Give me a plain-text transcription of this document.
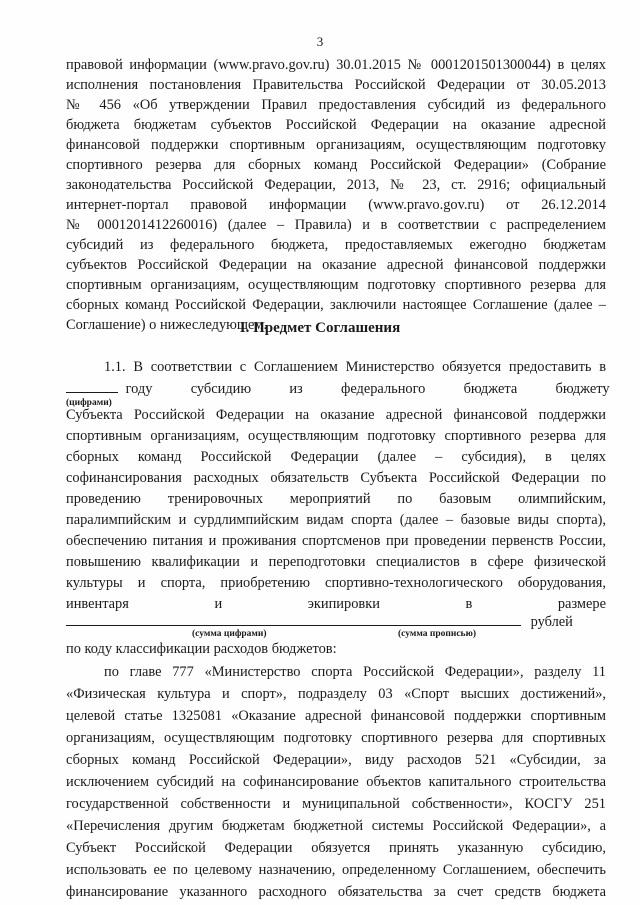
3
правовой информации (www.pravo.gov.ru) 30.01.2015 № 0001201501300044) в целях
исполнения постановления Правительства Российской Федерации от 30.05.2013
№ 456 «Об утверждении Правил предоставления субсидий из федерального
бюджета бюджетам субъектов Российской Федерации на оказание адресной
финансовой поддержки спортивным организациям, осуществляющим подготовку
спортивного резерва для сборных команд Российской Федерации» (Собрание
законодательства Российской Федерации, 2013, № 23, ст. 2916; официальный
интернет-портал правовой информации (www.pravo.gov.ru) от 26.12.2014
№ 0001201412260016) (далее – Правила) и в соответствии с распределением
субсидий из федерального бюджета, предоставляемых ежегодно бюджетам
субъектов Российской Федерации на оказание адресной финансовой поддержки
спортивным организациям, осуществляющим подготовку спортивного резерва для
I. Предмет Соглашения
1.1. В соответствии с Соглашением Министерство обязуется предоставить в
году субсидию из федерального бюджета бюджету
(цифрами)
Субъекта Российской Федерации на оказание адресной финансовой поддержки
спортивным организациям, осуществляющим подготовку спортивного резерва для
сборных команд Российской Федерации (далее – субсидия), в целях
софинансирования расходных обязательств Субъекта Российской Федерации по
проведению тренировочных мероприятий по базовым олимпийским,
паралимпийским и сурдлимпийским видам спорта (далее – базовые виды спорта),
обеспечению питания и проживания спортсменов при проведении первенств России,
повышению квалификации и переподготовки специалистов в сфере физической
культуры и спорта, приобретению спортивно-технологического оборудования,
инвентаря и экипировки в размере
рублей
(сумма цифрами)	(сумма прописью)
по коду классификации расходов бюджетов:
по главе 777 «Министерство спорта Российской Федерации», разделу 11
«Физическая культура и спорт», подразделу 03 «Спорт высших достижений»,
целевой статье 1325081 «Оказание адресной финансовой поддержки спортивным
организациям, осуществляющим подготовку спортивного резерва для спортивных
сборных команд Российской Федерации», виду расходов 521 «Субсидии, за
исключением субсидий на софинансирование объектов капитального строительства
государственной собственности и муниципальной собственности», КОСГУ 251
«Перечисления другим бюджетам бюджетной системы Российской Федерации», а
Субъект Российской Федерации обязуется принять указанную субсидию,
использовать ее по целевому назначению, определенному Соглашением, обеспечить
финансирование указанного расходного обязательства за счет средств бюджета
сборных команд Российской Федерации, заключили настоящее Соглашение (далее –
Соглашение) о нижеследующем.
